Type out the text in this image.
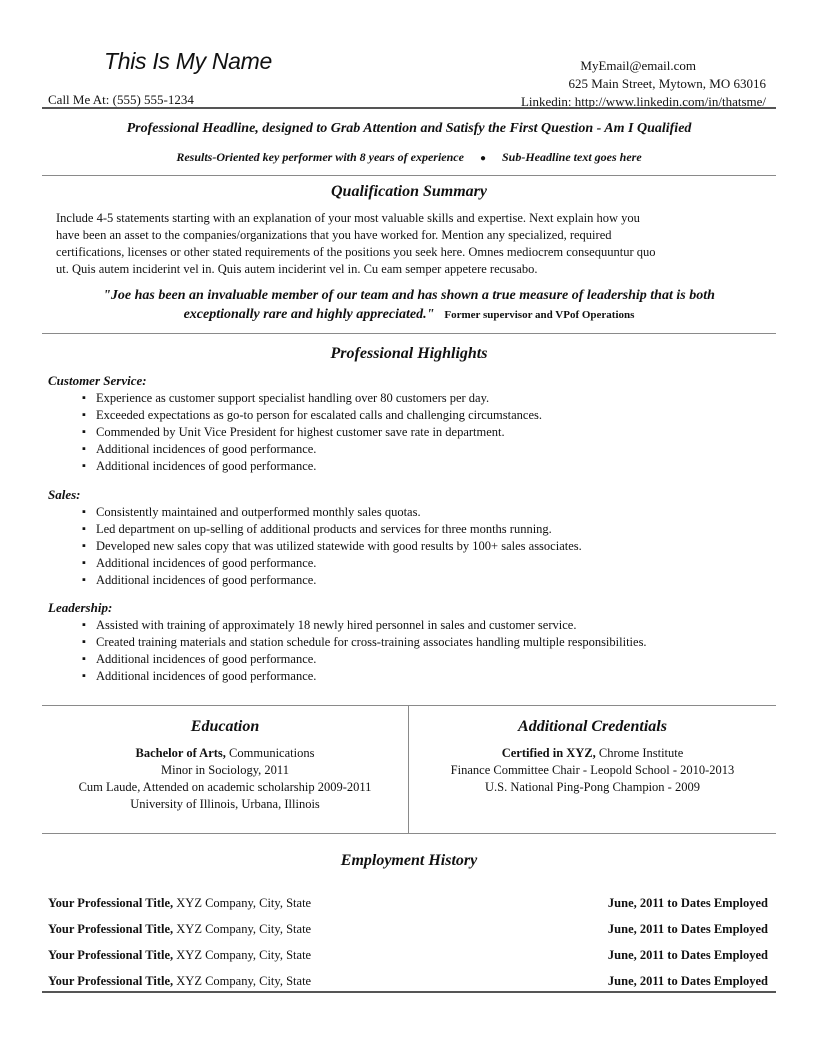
This Is My Name	MyEmail@email.com
625 Main Street, Mytown, MO 63016
Linkedin: http://www.linkedin.com/in/thatsme/
Call Me At: (555) 555-1234
Professional Headline, designed to Grab Attention and Satisfy the First Question - Am I Qualified
Results-Oriented key performer with 8 years of experience ● Sub-Headline text goes here
Qualification Summary
Include 4-5 statements starting with an explanation of your most valuable skills and expertise. Next explain how you
have been an asset to the companies/organizations that you have worked for. Mention any specialized, required
certifications, licenses or other stated requirements of the positions you seek here. Omnes mediocrem consequuntur quo
ut. Quis autem inciderint vel in. Quis autem inciderint vel in. Cu eam semper appetere recusabo.
"Joe has been an invaluable member of our team and has shown a true measure of leadership that is both
exceptionally rare and highly appreciated." Former supervisor and VPof Operations
Professional Highlights
Customer Service:
▪ Experience as customer support specialist handling over 80 customers per day.
▪ Exceeded expectations as go-to person for escalated calls and challenging circumstances.
▪ Commended by Unit Vice President for highest customer save rate in department.
▪ Additional incidences of good performance.
▪ Additional incidences of good performance.
Sales:
▪ Consistently maintained and outperformed monthly sales quotas.
▪ Led department on up-selling of additional products and services for three months running.
▪ Developed new sales copy that was utilized statewide with good results by 100+ sales associates.
▪ Additional incidences of good performance.
▪ Additional incidences of good performance.
Leadership:
▪ Assisted with training of approximately 18 newly hired personnel in sales and customer service.
▪ Created training materials and station schedule for cross-training associates handling multiple responsibilities.
▪ Additional incidences of good performance.
▪ Additional incidences of good performance.
Education
Bachelor of Arts, Communications
Minor in Sociology, 2011
Cum Laude, Attended on academic scholarship 2009-2011
University of Illinois, Urbana, Illinois
Additional Credentials
Certified in XYZ, Chrome Institute
Finance Committee Chair - Leopold School - 2010-2013
U.S. National Ping-Pong Champion - 2009
Employment History
Your Professional Title, XYZ Company, City, State	June, 2011 to Dates Employed
Your Professional Title, XYZ Company, City, State	June, 2011 to Dates Employed
Your Professional Title, XYZ Company, City, State	June, 2011 to Dates Employed
Your Professional Title, XYZ Company, City, State	June, 2011 to Dates Employed
